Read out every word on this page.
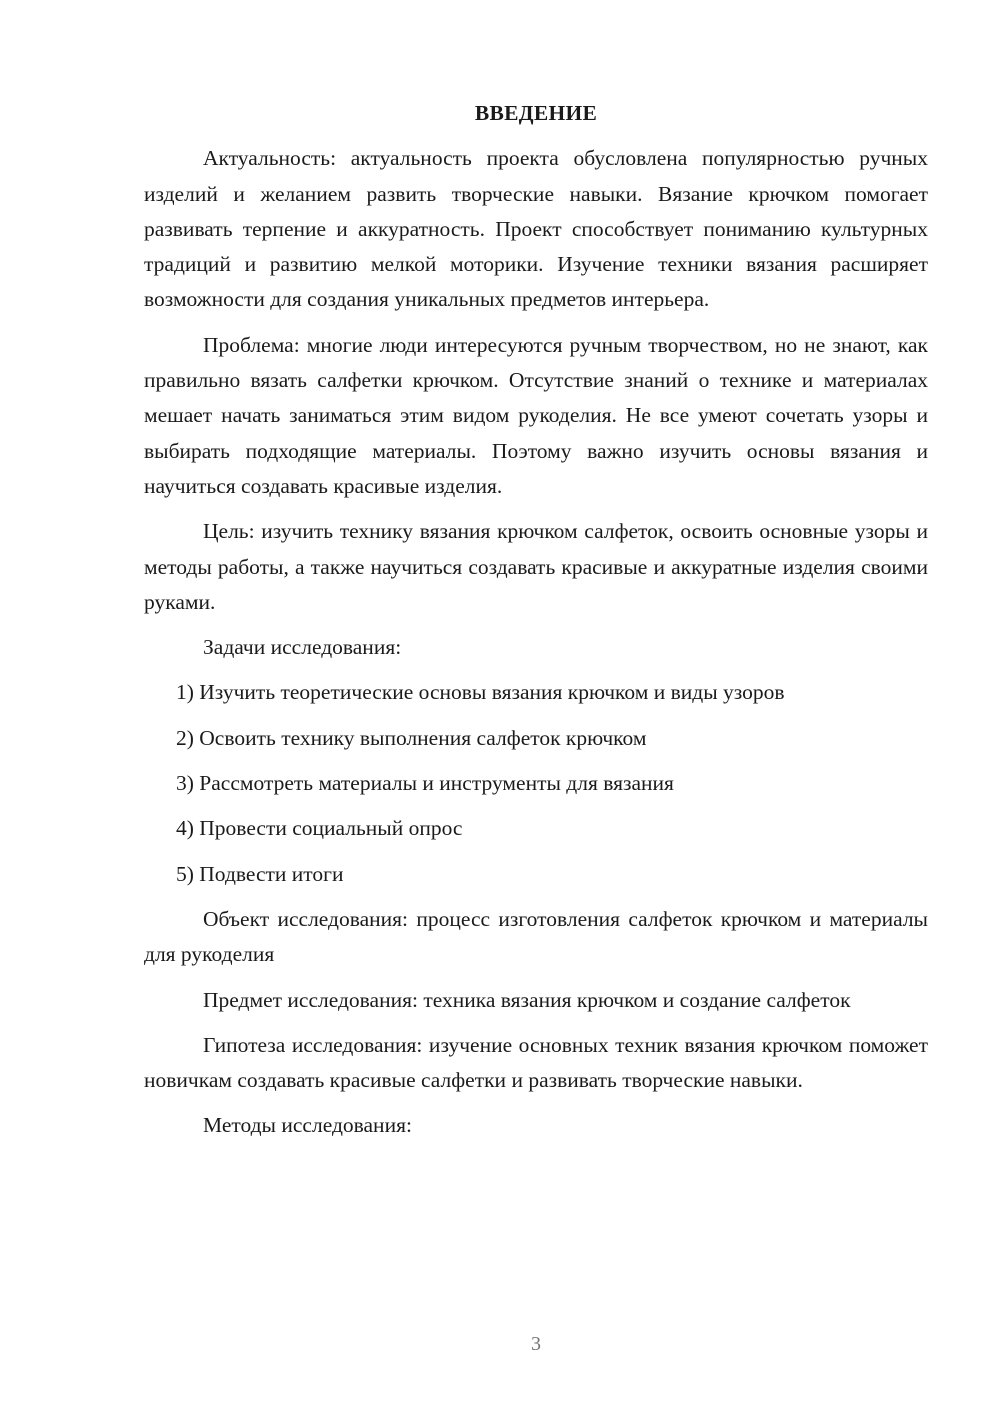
ВВЕДЕНИЕ

Актуальность: актуальность проекта обусловлена популярностью ручных изделий и желанием развить творческие навыки. Вязание крючком помогает развивать терпение и аккуратность. Проект способствует пониманию культурных традиций и развитию мелкой моторики. Изучение техники вязания расширяет возможности для создания уникальных предметов интерьера.

Проблема: многие люди интересуются ручным творчеством, но не знают, как правильно вязать салфетки крючком. Отсутствие знаний о технике и материалах мешает начать заниматься этим видом рукоделия. Не все умеют сочетать узоры и выбирать подходящие материалы. Поэтому важно изучить основы вязания и научиться создавать красивые изделия.

Цель: изучить технику вязания крючком салфеток, освоить основные узоры и методы работы, а также научиться создавать красивые и аккуратные изделия своими руками.

Задачи исследования:

1) Изучить теоретические основы вязания крючком и виды узоров
2) Освоить технику выполнения салфеток крючком
3) Рассмотреть материалы и инструменты для вязания
4) Провести социальный опрос
5) Подвести итоги

Объект исследования: процесс изготовления салфеток крючком и материалы для рукоделия

Предмет исследования: техника вязания крючком и создание салфеток

Гипотеза исследования: изучение основных техник вязания крючком поможет новичкам создавать красивые салфетки и развивать творческие навыки.

Методы исследования:

3
